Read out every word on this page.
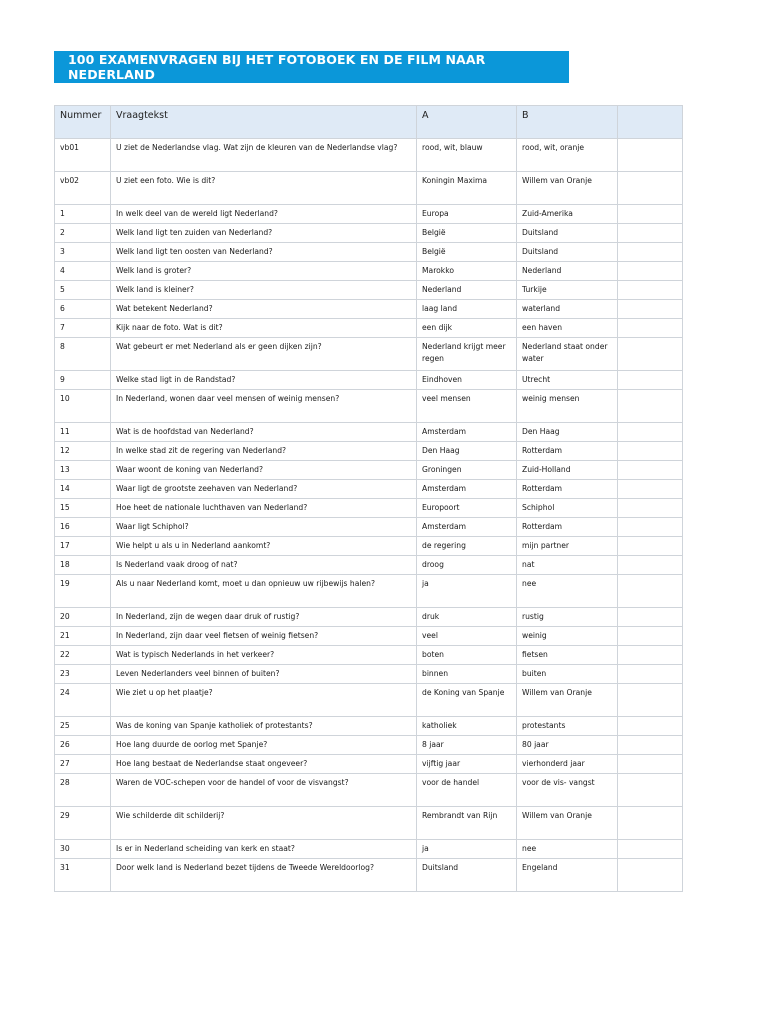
100 EXAMENVRAGEN BIJ HET FOTOBOEK EN DE FILM NAAR NEDERLAND
Nummer	Vraagtekst	A	B	
vb01	U ziet de Nederlandse vlag. Wat zijn de kleuren van de Nederlandse vlag?	rood, wit, blauw	rood, wit, oranje	
vb02	U ziet een foto. Wie is dit?	Koningin Maxima	Willem van Oranje	
1	In welk deel van de wereld ligt Nederland?	Europa	Zuid-Amerika	
2	Welk land ligt ten zuiden van Nederland?	België	Duitsland	
3	Welk land ligt ten oosten van Nederland?	België	Duitsland	
4	Welk land is groter?	Marokko	Nederland	
5	Welk land is kleiner?	Nederland	Turkije	
6	Wat betekent Nederland?	laag land	waterland	
7	Kijk naar de foto. Wat is dit?	een dijk	een haven	
8	Wat gebeurt er met Nederland als er geen dijken zijn?	Nederland krijgt meer regen	Nederland staat onder water	
9	Welke stad ligt in de Randstad?	Eindhoven	Utrecht	
10	In Nederland, wonen daar veel mensen of weinig mensen?	veel mensen	weinig mensen	
11	Wat is de hoofdstad van Nederland?	Amsterdam	Den Haag	
12	In welke stad zit de regering van Nederland?	Den Haag	Rotterdam	
13	Waar woont de koning van Nederland?	Groningen	Zuid-Holland	
14	Waar ligt de grootste zeehaven van Nederland?	Amsterdam	Rotterdam	
15	Hoe heet de nationale luchthaven van Nederland?	Europoort	Schiphol	
16	Waar ligt Schiphol?	Amsterdam	Rotterdam	
17	Wie helpt u als u in Nederland aankomt?	de regering	mijn partner	
18	Is Nederland vaak droog of nat?	droog	nat	
19	Als u naar Nederland komt, moet u dan opnieuw uw rijbewijs halen?	ja	nee	
20	In Nederland, zijn de wegen daar druk of rustig?	druk	rustig	
21	In Nederland, zijn daar veel fietsen of weinig fietsen?	veel	weinig	
22	Wat is typisch Nederlands in het verkeer?	boten	fietsen	
23	Leven Nederlanders veel binnen of buiten?	binnen	buiten	
24	Wie ziet u op het plaatje?	de Koning van Spanje	Willem van Oranje	
25	Was de koning van Spanje katholiek of protestants?	katholiek	protestants	
26	Hoe lang duurde de oorlog met Spanje?	8 jaar	80 jaar	
27	Hoe lang bestaat de Nederlandse staat ongeveer?	vijftig jaar	vierhonderd jaar	
28	Waren de VOC-schepen voor de handel of voor de visvangst?	voor de handel	voor de vis- vangst	
29	Wie schilderde dit schilderij?	Rembrandt van Rijn	Willem van Oranje	
30	Is er in Nederland scheiding van kerk en staat?	ja	nee	
31	Door welk land is Nederland bezet tijdens de Tweede Wereldoorlog?	Duitsland	Engeland	
